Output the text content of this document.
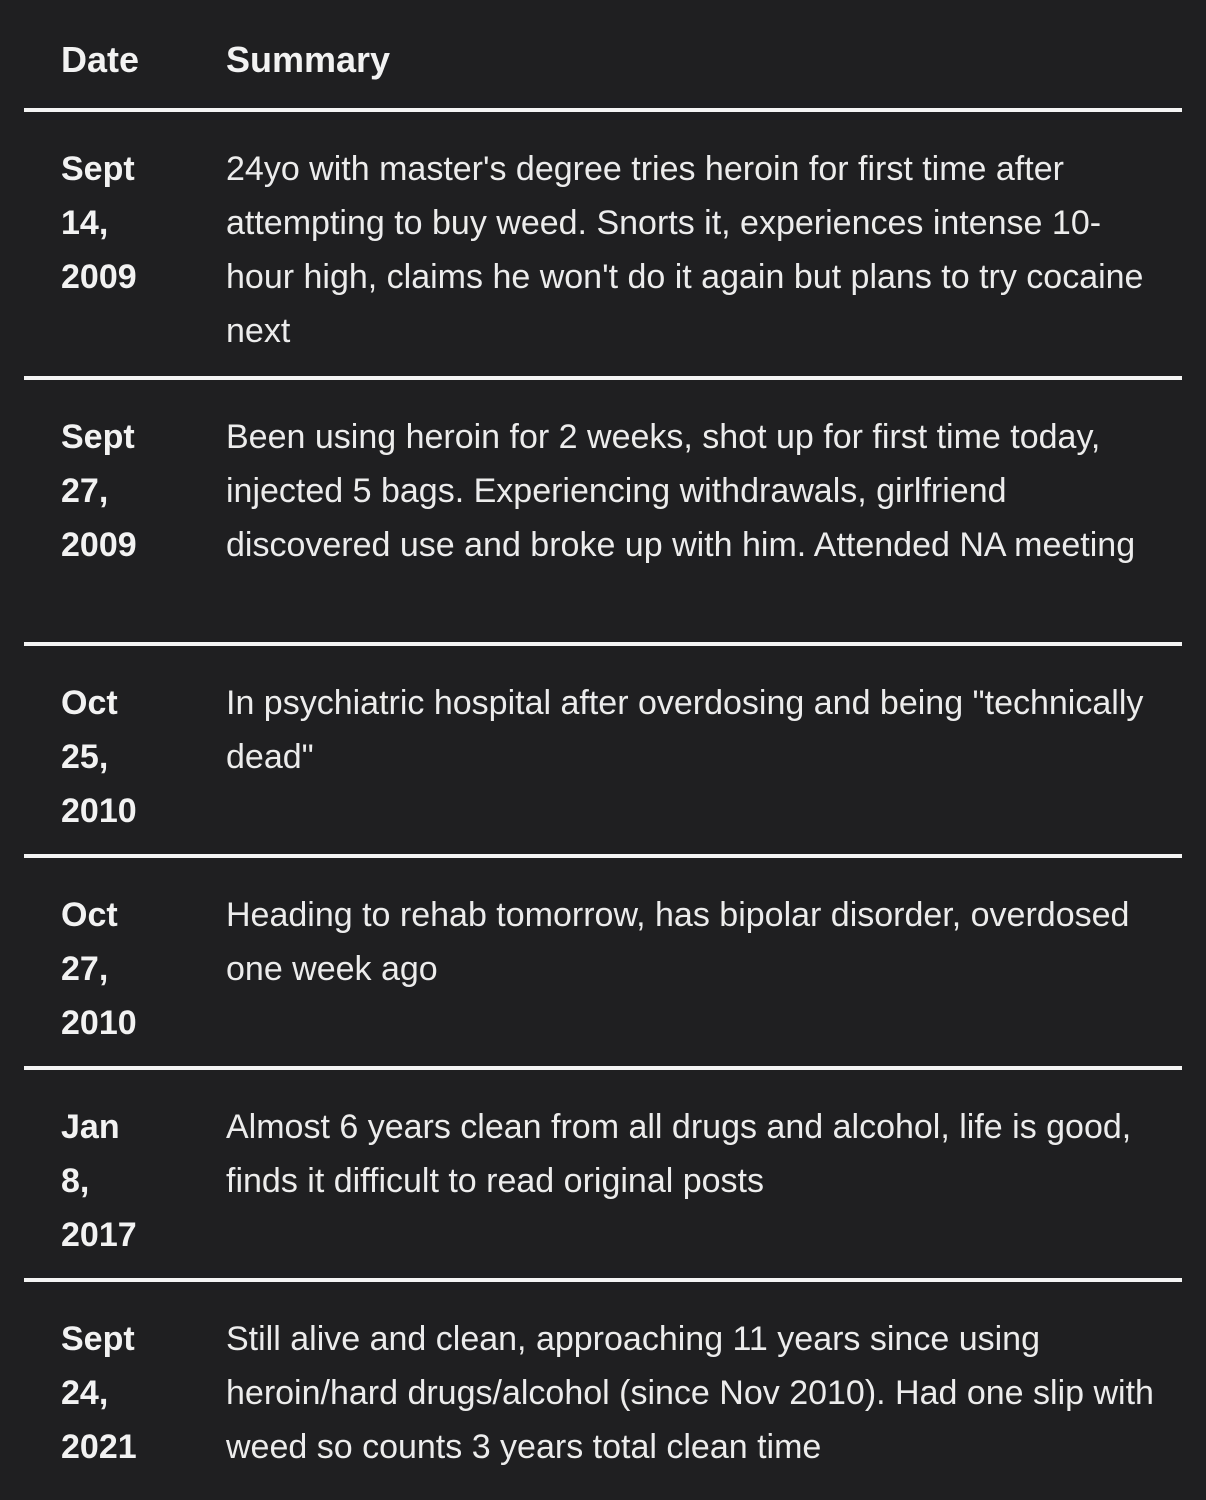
Date Summary
Sept
14,
2009
24yo with master's degree tries heroin for first time after attempting to buy weed. Snorts it, experiences intense 10-hour high, claims he won't do it again but plans to try cocaine next
Sept
27,
2009
Been using heroin for 2 weeks, shot up for first time today, injected 5 bags. Experiencing withdrawals, girlfriend discovered use and broke up with him. Attended NA meeting
Oct
25,
2010
In psychiatric hospital after overdosing and being "technically dead"
Oct
27,
2010
Heading to rehab tomorrow, has bipolar disorder, overdosed one week ago
Jan
8,
2017
Almost 6 years clean from all drugs and alcohol, life is good, finds it difficult to read original posts
Sept
24,
2021
Still alive and clean, approaching 11 years since using heroin/hard drugs/alcohol (since Nov 2010). Had one slip with weed so counts 3 years total clean time
